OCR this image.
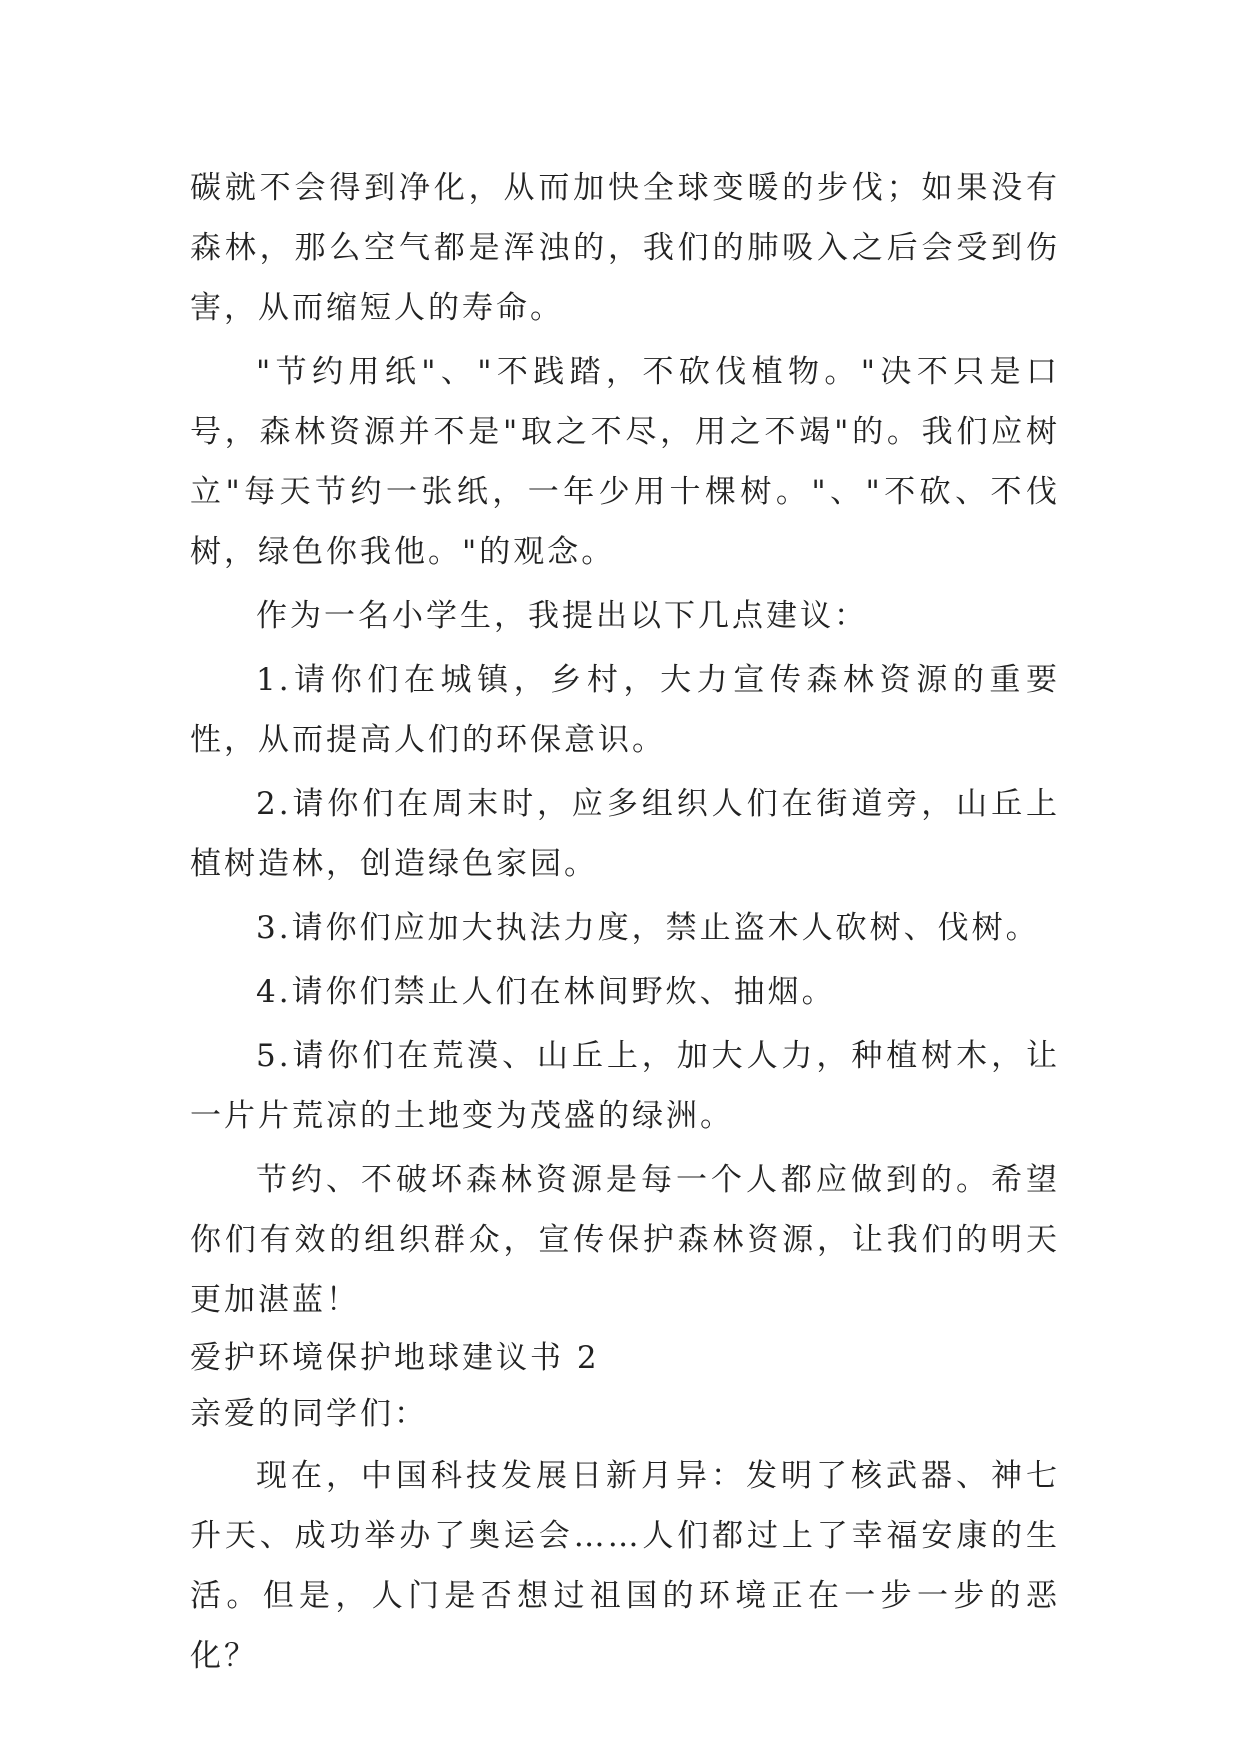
碳就不会得到净化，从而加快全球变暖的步伐；如果没有森林，那么空气都是浑浊的，我们的肺吸入之后会受到伤害，从而缩短人的寿命。

"节约用纸"、"不践踏，不砍伐植物。"决不只是口号，森林资源并不是"取之不尽，用之不竭"的。我们应树立"每天节约一张纸，一年少用十棵树。"、"不砍、不伐树，绿色你我他。"的观念。

作为一名小学生，我提出以下几点建议：

1.请你们在城镇，乡村，大力宣传森林资源的重要性，从而提高人们的环保意识。

2.请你们在周末时，应多组织人们在街道旁，山丘上植树造林，创造绿色家园。

3.请你们应加大执法力度，禁止盗木人砍树、伐树。

4.请你们禁止人们在林间野炊、抽烟。

5.请你们在荒漠、山丘上，加大人力，种植树木，让一片片荒凉的土地变为茂盛的绿洲。

节约、不破坏森林资源是每一个人都应做到的。希望你们有效的组织群众，宣传保护森林资源，让我们的明天更加湛蓝！

爱护环境保护地球建议书 2

亲爱的同学们：

现在，中国科技发展日新月异：发明了核武器、神七升天、成功举办了奥运会……人们都过上了幸福安康的生活。但是，人门是否想过祖国的环境正在一步一步的恶化？
